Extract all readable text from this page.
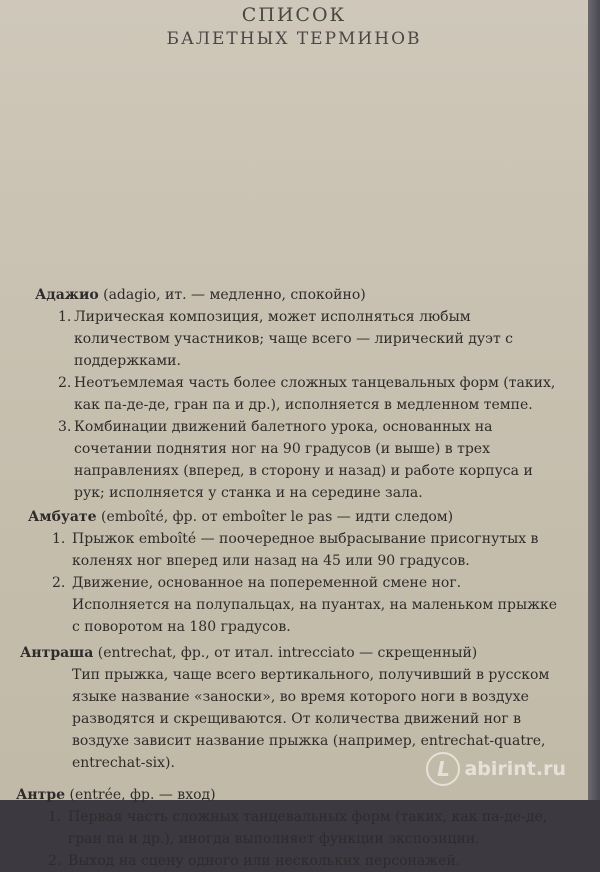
СПИСОК
БАЛЕТНЫХ ТЕРМИНОВ

Адажио (adagio, ит. — медленно, спокойно)

1. Лирическая композиция, может исполняться любым количеством участников; чаще всего — лирический дуэт с поддержками.
2. Неотъемлемая часть более сложных танцевальных форм (таких, как па-де-де, гран па и др.), исполняется в медленном темпе.
3. Комбинации движений балетного урока, основанных на сочетании поднятия ног на 90 градусов (и выше) в трех направлениях (вперед, в сторону и назад) и работе корпуса и рук; исполняется у станка и на середине зала.

Амбуате (emboîté, фр. от emboîter le pas — идти следом)

1. Прыжок emboîté — поочередное выбрасывание присогнутых в коленях ног вперед или назад на 45 или 90 градусов.
2. Движение, основанное на попеременной смене ног. Исполняется на полупальцах, на пуантах, на маленьком прыжке с поворотом на 180 градусов.

Антраша (entrechat, фр., от итал. intrecciato — скрещенный)

Тип прыжка, чаще всего вертикального, получивший в русском языке название «заноски», во время которого ноги в воздухе разводятся и скрещиваются. От количества движений ног в воздухе зависит название прыжка (например, entrechat-quatre, entrechat-six).

Антре (entrée, фр. — вход)

1. Первая часть сложных танцевальных форм (таких, как па-де-де, гран па и др.), иногда выполняет функции экспозиции.
2. Выход на сцену одного или нескольких персонажей.
L abirint.ru
